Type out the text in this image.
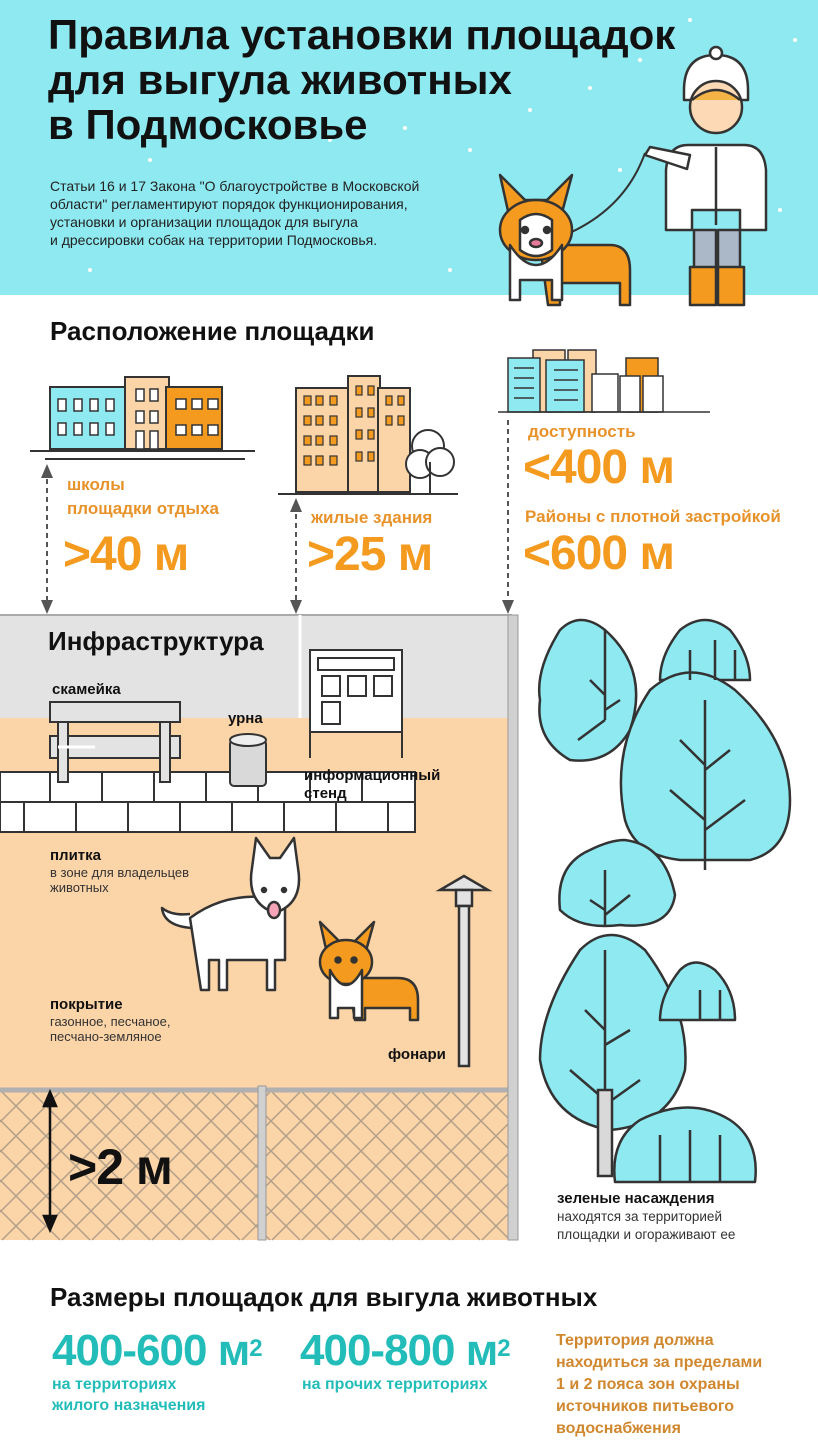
Правила установки площадок
для выгула животных
в Подмосковье
Статьи 16 и 17 Закона "О благоустройстве в Московской
области" регламентируют порядок функционирования,
установки и организации площадок для выгула
и дрессировки собак на территории Подмосковья.
Расположение площадки
школы
площадки отдыха
>40 м
жилые здания
>25 м
доступность
<400 м
Районы с плотной застройкой
<600 м
Инфраструктура
скамейка
урна
информационный
стенд
плитка
в зоне для владельцев
животных
покрытие
газонное, песчаное,
песчано-земляное
фонари
>2 м
зеленые насаждения
находятся за территорией
площадки и огораживают ее
Размеры площадок для выгула животных
400-600 $м^2$
на территориях
жилого назначения
400-800 $м^2$
на прочих территориях
Территория должна
находиться за пределами
1 и 2 пояса зон охраны
источников питьевого
водоснабжения
